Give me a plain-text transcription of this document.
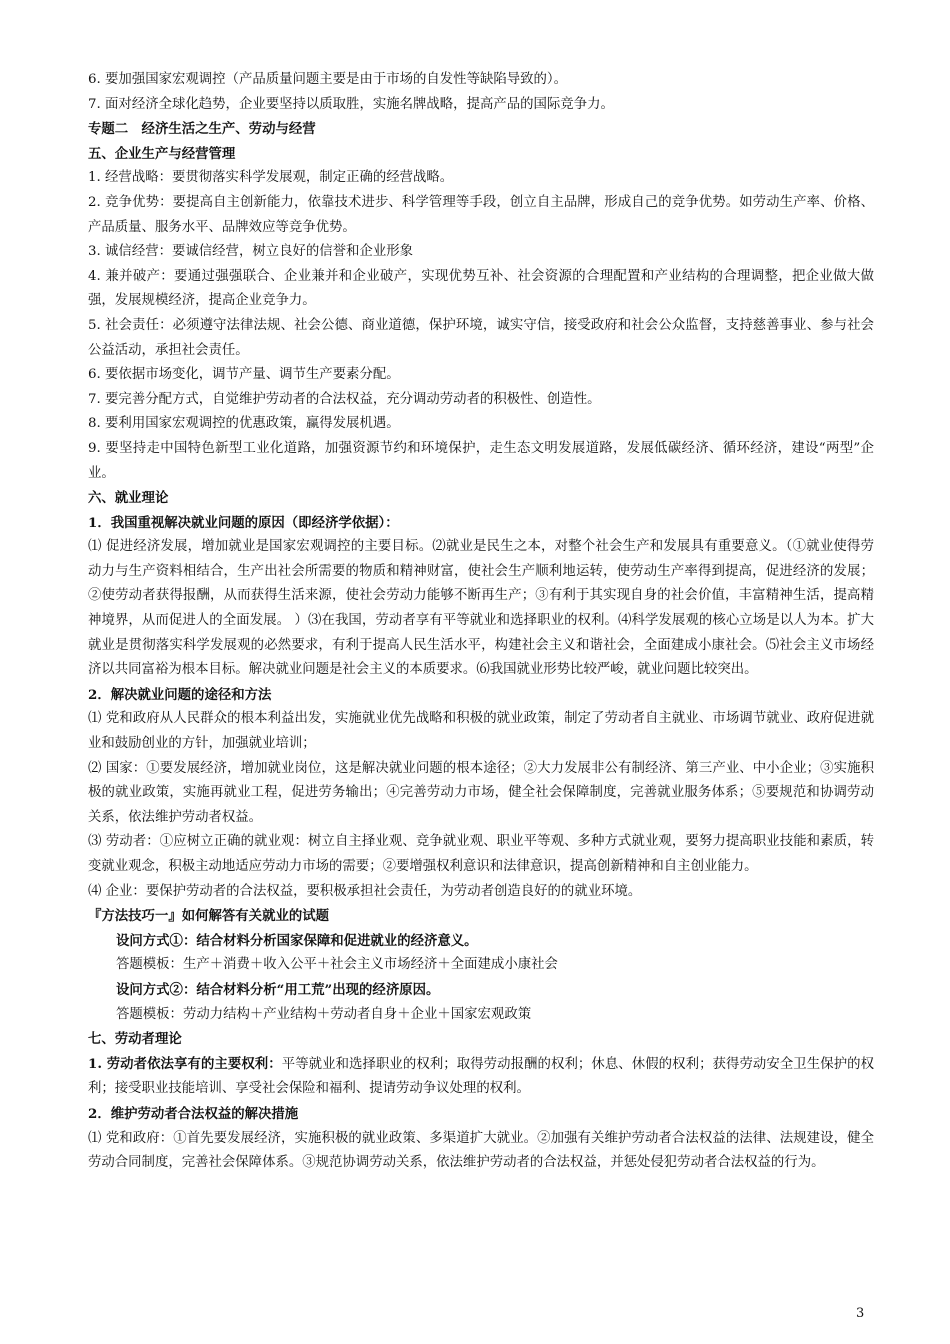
6. 要加强国家宏观调控（产品质量问题主要是由于市场的自发性等缺陷导致的）。

7. 面对经济全球化趋势，企业要坚持以质取胜，实施名牌战略，提高产品的国际竞争力。

专题二　经济生活之生产、劳动与经营

五、企业生产与经营管理

1. 经营战略：要贯彻落实科学发展观，制定正确的经营战略。

2. 竞争优势：要提高自主创新能力，依靠技术进步、科学管理等手段，创立自主品牌，形成自己的竞争优势。如劳动生产率、价格、产品质量、服务水平、品牌效应等竞争优势。

3. 诚信经营：要诚信经营，树立良好的信誉和企业形象

4. 兼并破产：要通过强强联合、企业兼并和企业破产，实现优势互补、社会资源的合理配置和产业结构的合理调整，把企业做大做强，发展规模经济，提高企业竞争力。

5. 社会责任：必须遵守法律法规、社会公德、商业道德，保护环境，诚实守信，接受政府和社会公众监督，支持慈善事业、参与社会公益活动，承担社会责任。

6. 要依据市场变化，调节产量、调节生产要素分配。

7. 要完善分配方式，自觉维护劳动者的合法权益，充分调动劳动者的积极性、创造性。

8. 要利用国家宏观调控的优惠政策，赢得发展机遇。

9. 要坚持走中国特色新型工业化道路，加强资源节约和环境保护，走生态文明发展道路，发展低碳经济、循环经济，建设“两型”企业。

六、就业理论

1．我国重视解决就业问题的原因（即经济学依据）：

⑴ 促进经济发展，增加就业是国家宏观调控的主要目标。⑵就业是民生之本，对整个社会生产和发展具有重要意义。（①就业使得劳动力与生产资料相结合，生产出社会所需要的物质和精神财富，使社会生产顺利地运转，使劳动生产率得到提高，促进经济的发展；②使劳动者获得报酬，从而获得生活来源，使社会劳动力能够不断再生产；③有利于其实现自身的社会价值，丰富精神生活，提高精神境界，从而促进人的全面发展。 ）⑶在我国，劳动者享有平等就业和选择职业的权利。⑷科学发展观的核心立场是以人为本。扩大就业是贯彻落实科学发展观的必然要求，有利于提高人民生活水平，构建社会主义和谐社会，全面建成小康社会。⑸社会主义市场经济以共同富裕为根本目标。解决就业问题是社会主义的本质要求。⑹我国就业形势比较严峻，就业问题比较突出。

2．解决就业问题的途径和方法

⑴ 党和政府从人民群众的根本利益出发，实施就业优先战略和积极的就业政策，制定了劳动者自主就业、市场调节就业、政府促进就业和鼓励创业的方针，加强就业培训；

⑵ 国家：①要发展经济，增加就业岗位，这是解决就业问题的根本途径；②大力发展非公有制经济、第三产业、中小企业；③实施积极的就业政策，实施再就业工程，促进劳务输出；④完善劳动力市场，健全社会保障制度，完善就业服务体系；⑤要规范和协调劳动关系，依法维护劳动者权益。

⑶ 劳动者：①应树立正确的就业观：树立自主择业观、竞争就业观、职业平等观、多种方式就业观，要努力提高职业技能和素质，转变就业观念，积极主动地适应劳动力市场的需要；②要增强权利意识和法律意识，提高创新精神和自主创业能力。

⑷ 企业：要保护劳动者的合法权益，要积极承担社会责任，为劳动者创造良好的的就业环境。

『方法技巧一』如何解答有关就业的试题

设问方式①：结合材料分析国家保障和促进就业的经济意义。

答题模板：生产＋消费＋收入公平＋社会主义市场经济＋全面建成小康社会

设问方式②：结合材料分析“用工荒”出现的经济原因。

答题模板：劳动力结构＋产业结构＋劳动者自身＋企业＋国家宏观政策

七、劳动者理论

1. 劳动者依法享有的主要权利：平等就业和选择职业的权利；取得劳动报酬的权利；休息、休假的权利；获得劳动安全卫生保护的权利；接受职业技能培训、享受社会保险和福利、提请劳动争议处理的权利。

2．维护劳动者合法权益的解决措施

⑴ 党和政府：①首先要发展经济，实施积极的就业政策、多渠道扩大就业。②加强有关维护劳动者合法权益的法律、法规建设，健全劳动合同制度，完善社会保障体系。③规范协调劳动关系，依法维护劳动者的合法权益，并惩处侵犯劳动者合法权益的行为。

3
